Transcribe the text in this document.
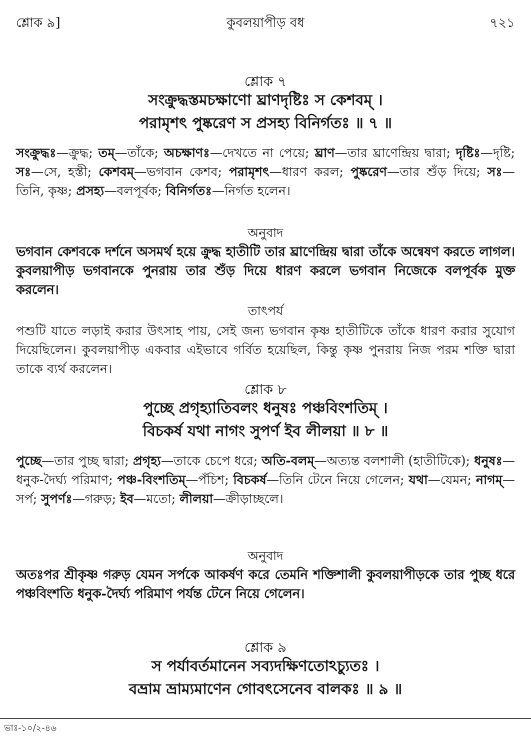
শ্লোক ৯]	কুবলয়াপীড় বধ	৭২১
শ্লোক ৭
সংক্রুদ্ধস্তমচক্ষাণো ঘ্রাণদৃষ্টিঃ স কেশবম্ ।
পরামৃশৎ পুষ্করেণ স প্রসহ্য বিনির্গতঃ ॥ ৭ ॥
সংক্রুদ্ধঃ—ক্রুদ্ধ; তম্—তাঁকে; অচক্ষাণঃ—দেখতে না পেয়ে; ঘ্রাণ—তার ঘ্রাণেন্দ্রিয় দ্বারা; দৃষ্টিঃ—দৃষ্টি; সঃ—সে, হস্তী; কেশবম্—ভগবান কেশব; পরামৃশৎ—ধারণ করল; পুষ্করেণ—তার শুঁড় দিয়ে; সঃ—তিনি, কৃষ্ণ; প্রসহ্য—বলপূর্বক; বিনির্গতঃ—নির্গত হলেন।
অনুবাদ
ভগবান কেশবকে দর্শনে অসমর্থ হয়ে ক্রুদ্ধ হাতীটি তার ঘ্রাণেন্দ্রিয় দ্বারা তাঁকে অন্বেষণ করতে লাগল। কুবলয়াপীড় ভগবানকে পুনরায় তার শুঁড় দিয়ে ধারণ করলে ভগবান নিজেকে বলপূর্বক মুক্ত করলেন।
তাৎপর্য
পশুটি যাতে লড়াই করার উৎসাহ পায়, সেই জন্য ভগবান কৃষ্ণ হাতীটিকে তাঁকে ধারণ করার সুযোগ দিয়েছিলেন। কুবলয়াপীড় একবার এইভাবে গর্বিত হয়েছিল, কিন্তু কৃষ্ণ পুনরায় নিজ পরম শক্তি দ্বারা তাকে ব্যর্থ করলেন।
শ্লোক ৮
পুচ্ছে প্রগৃহ্যাতিবলং ধনুষঃ পঞ্চবিংশতিম্ ।
বিচকর্ষ যথা নাগং সুপর্ণ ইব লীলয়া ॥ ৮ ॥
পুচ্ছে—তার পুচ্ছ দ্বারা; প্রগৃহ্য—তাকে চেপে ধরে; অতি-বলম্—অত্যন্ত বলশালী (হাতীটিকে); ধনুষঃ—ধনুক-দৈর্ঘ্য পরিমাণ; পঞ্চ-বিংশতিম্—পঁচিশ; বিচকর্ষ—তিনি টেনে নিয়ে গেলেন; যথা—যেমন; নাগম্—সর্প; সুপর্ণঃ—গরুড়; ইব—মতো; লীলয়া—ক্রীড়াচ্ছলে।
অনুবাদ
অতঃপর শ্রীকৃষ্ণ গরুড় যেমন সর্পকে আকর্ষণ করে তেমনি শক্তিশালী কুবলয়াপীড়কে তার পুচ্ছ ধরে পঞ্চবিংশতি ধনুক-দৈর্ঘ্য পরিমাণ পর্যন্ত টেনে নিয়ে গেলেন।
শ্লোক ৯
স পর্যাবর্তমানেন সব্যদক্ষিণতোঽচ্যুতঃ ।
বভ্রাম ভ্রাম্যমাণেন গোবৎসেনেব বালকঃ ॥ ৯ ॥
ভাঃ-১০/২-৪৬
